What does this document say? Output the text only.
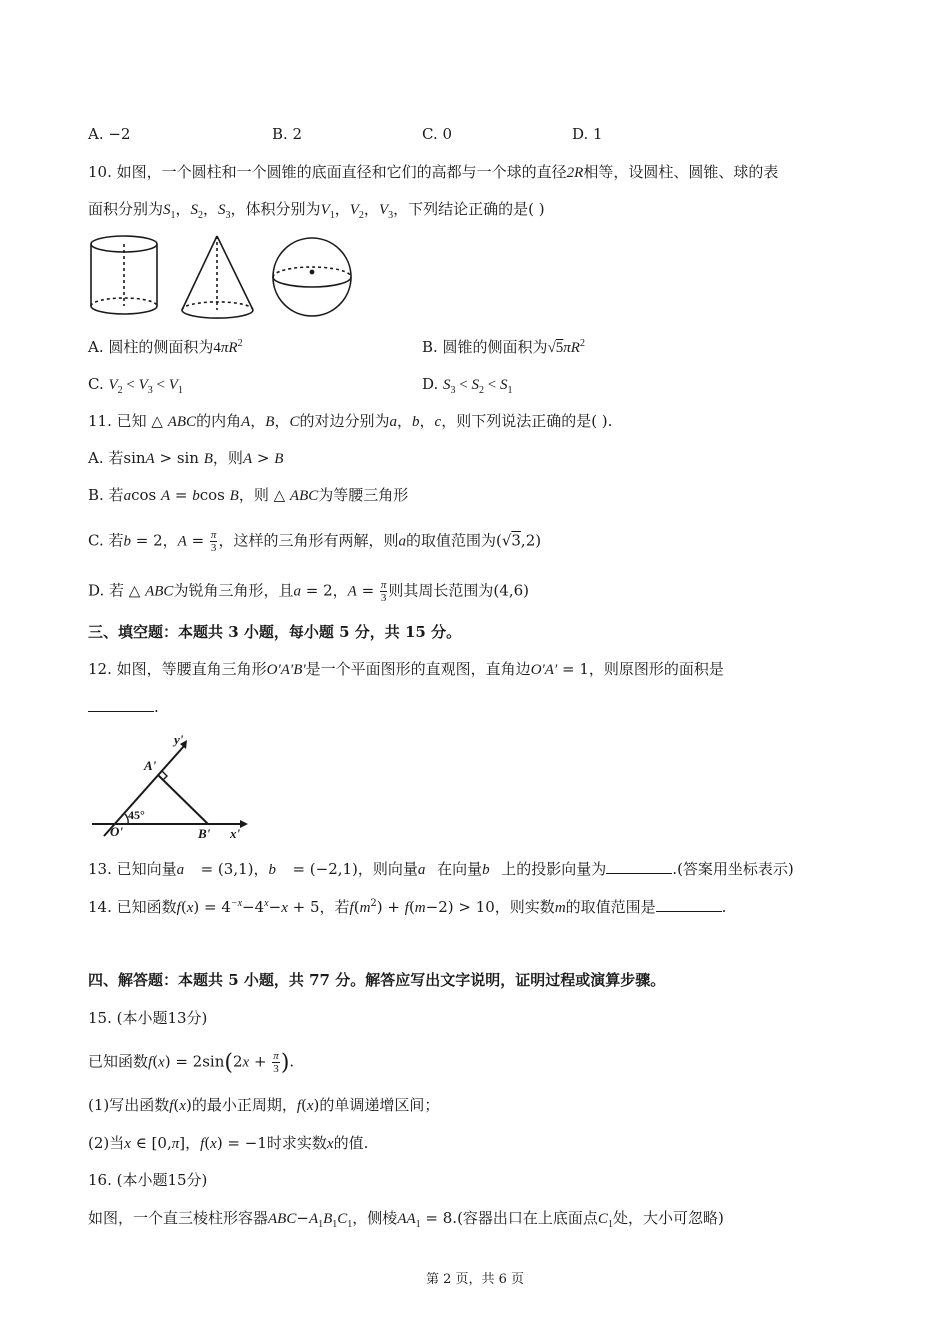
A. −2	B. 2	C. 0	D. 1
10. 如图，一个圆柱和一个圆锥的底面直径和它们的高都与一个球的直径2R相等，设圆柱、圆锥、球的表
面积分别为$S_1$，$S_2$，$S_3$，体积分别为$V_1$，$V_2$，$V_3$，下列结论正确的是( )
A. 圆柱的侧面积为$4\pi R^2$	B. 圆锥的侧面积为$√5\pi R^2$
C. $V_2 < V_3 < V_1$	D. $S_3 < S_2 < S_1$
11. 已知 △ ABC的内角A，B，C的对边分别为a，b，c，则下列说法正确的是( ).
A. 若sinA > sin B，则A > B
B. 若acos A = bcos B，则 △ ABC为等腰三角形
C. 若b = 2，$A = \frac{\pi}{3}$ ，这样的三角形有两解，则a的取值范围为(√3,2)
D. 若 △ ABC为锐角三角形，且a = 2，$A = \frac{\pi}{3}$ 则其周长范围为(4,6)
三、填空题：本题共 3 小题，每小题 5 分，共 15 分。
12. 如图，等腰直角三角形O′A′B′是一个平面图形的直观图，直角边O′A′ = 1，则原图形的面积是
.
y'
A'
O'	B' x'
45°
13. 已知向量a⃗ = (3,1)，b⃗ = (−2,1)，则向量a⃗在向量b⃗上的投影向量为	.(答案用坐标表示)
14. 已知函数$f(x) = 4^{-x}-4^x-x + 5$，若$f(m^2) + f(m-2) > 10$，则实数m的取值范围是	.
四、解答题：本题共 5 小题，共 77 分。解答应写出文字说明，证明过程或演算步骤。
15. (本小题13分)
已知函数$f(x) = 2\sin(2x + \frac{\pi}{3}$ ).
(1)写出函数f(x)的最小正周期，f(x)的单调递增区间；
(2)当x ∈ [0,π]，f(x) = −1时求实数x的值.
16. (本小题15分)
如图，一个直三棱柱形容器$ABC-A_1B_1C_1$，侧棱$AA_1 = 8$.(容器出口在上底面点$C_1$处，大小可忽略)
第 2 页，共 6 页
